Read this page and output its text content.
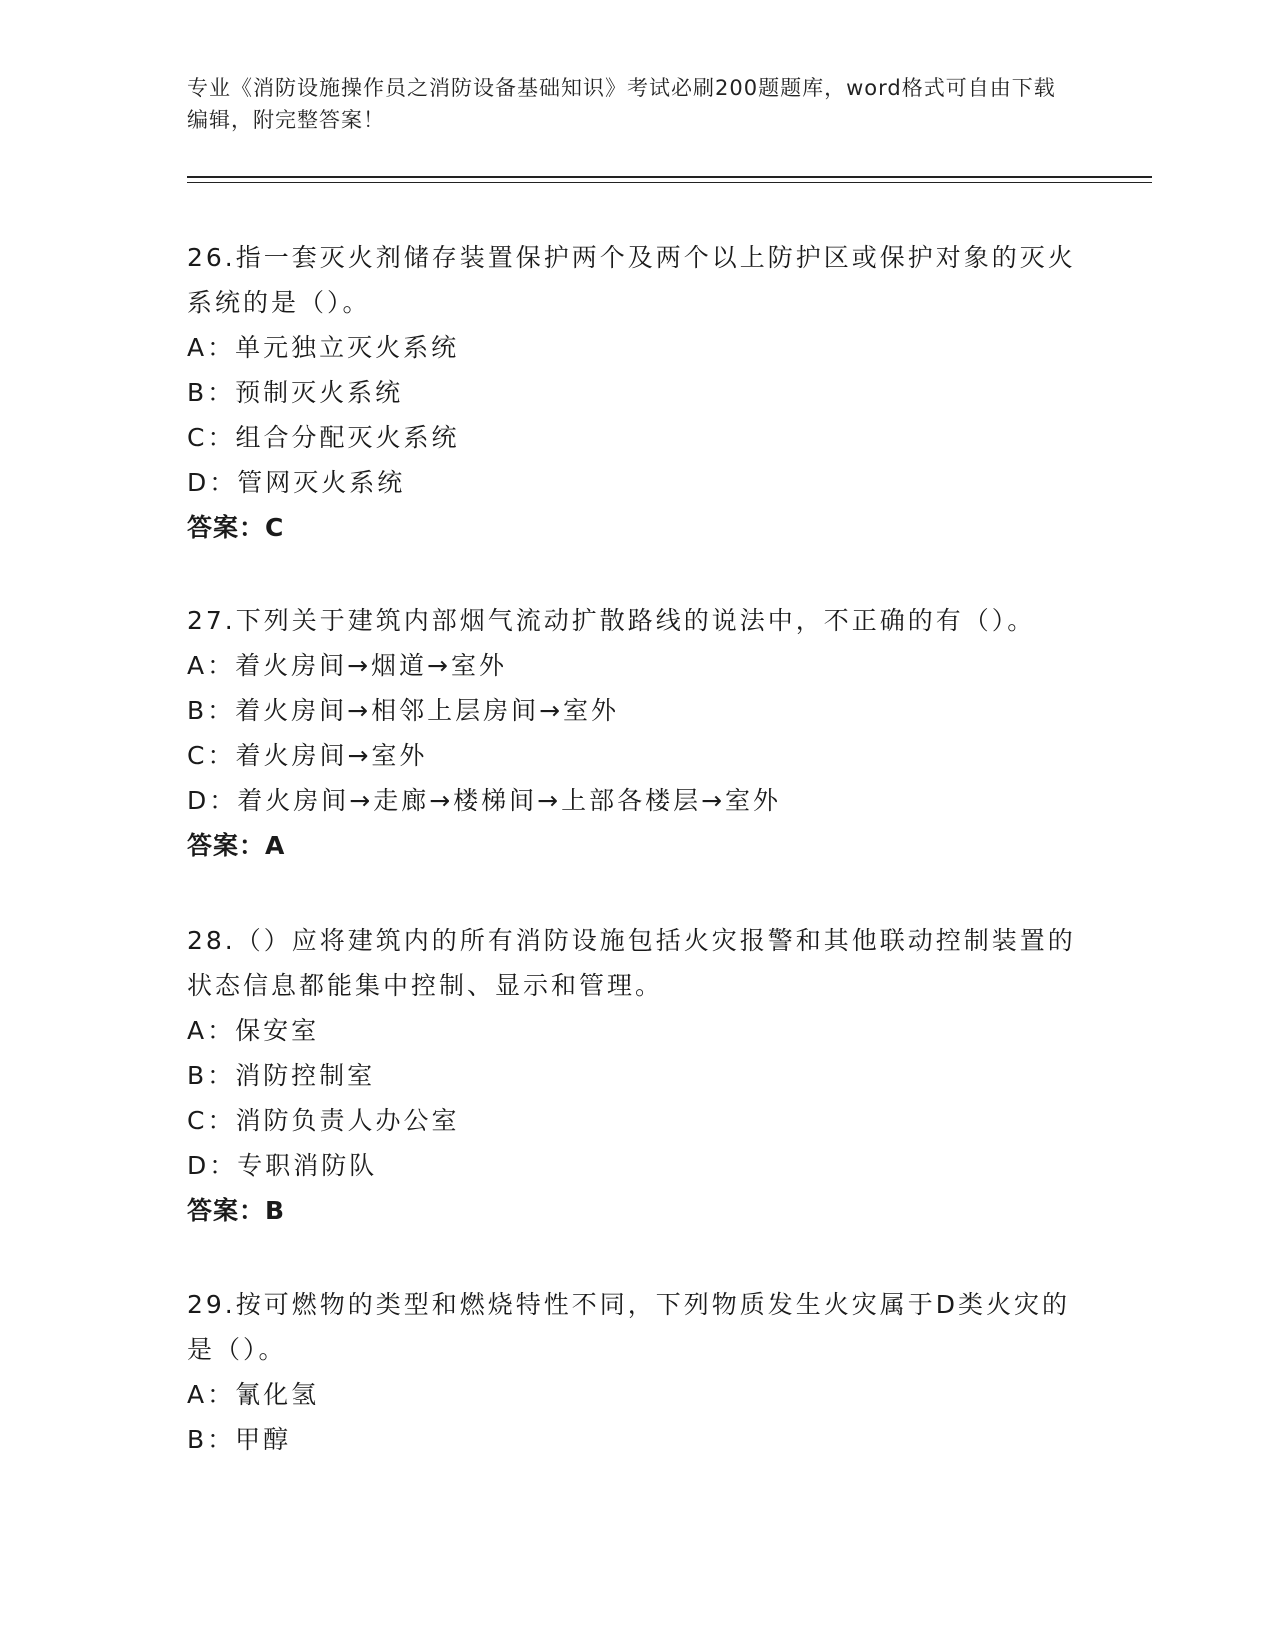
专业《消防设施操作员之消防设备基础知识》考试必刷200题题库，word格式可自由下载编辑，附完整答案！

26.指一套灭火剂储存装置保护两个及两个以上防护区或保护对象的灭火系统的是（）。

A：单元独立灭火系统

B：预制灭火系统

C：组合分配灭火系统

D：管网灭火系统

答案：C

27.下列关于建筑内部烟气流动扩散路线的说法中，不正确的有（）。

A：着火房间→烟道→室外

B：着火房间→相邻上层房间→室外

C：着火房间→室外

D：着火房间→走廊→楼梯间→上部各楼层→室外

答案：A

28.（）应将建筑内的所有消防设施包括火灾报警和其他联动控制装置的状态信息都能集中控制、显示和管理。

A：保安室

B：消防控制室

C：消防负责人办公室

D：专职消防队

答案：B

29.按可燃物的类型和燃烧特性不同，下列物质发生火灾属于D类火灾的是（）。

A：氰化氢

B：甲醇
